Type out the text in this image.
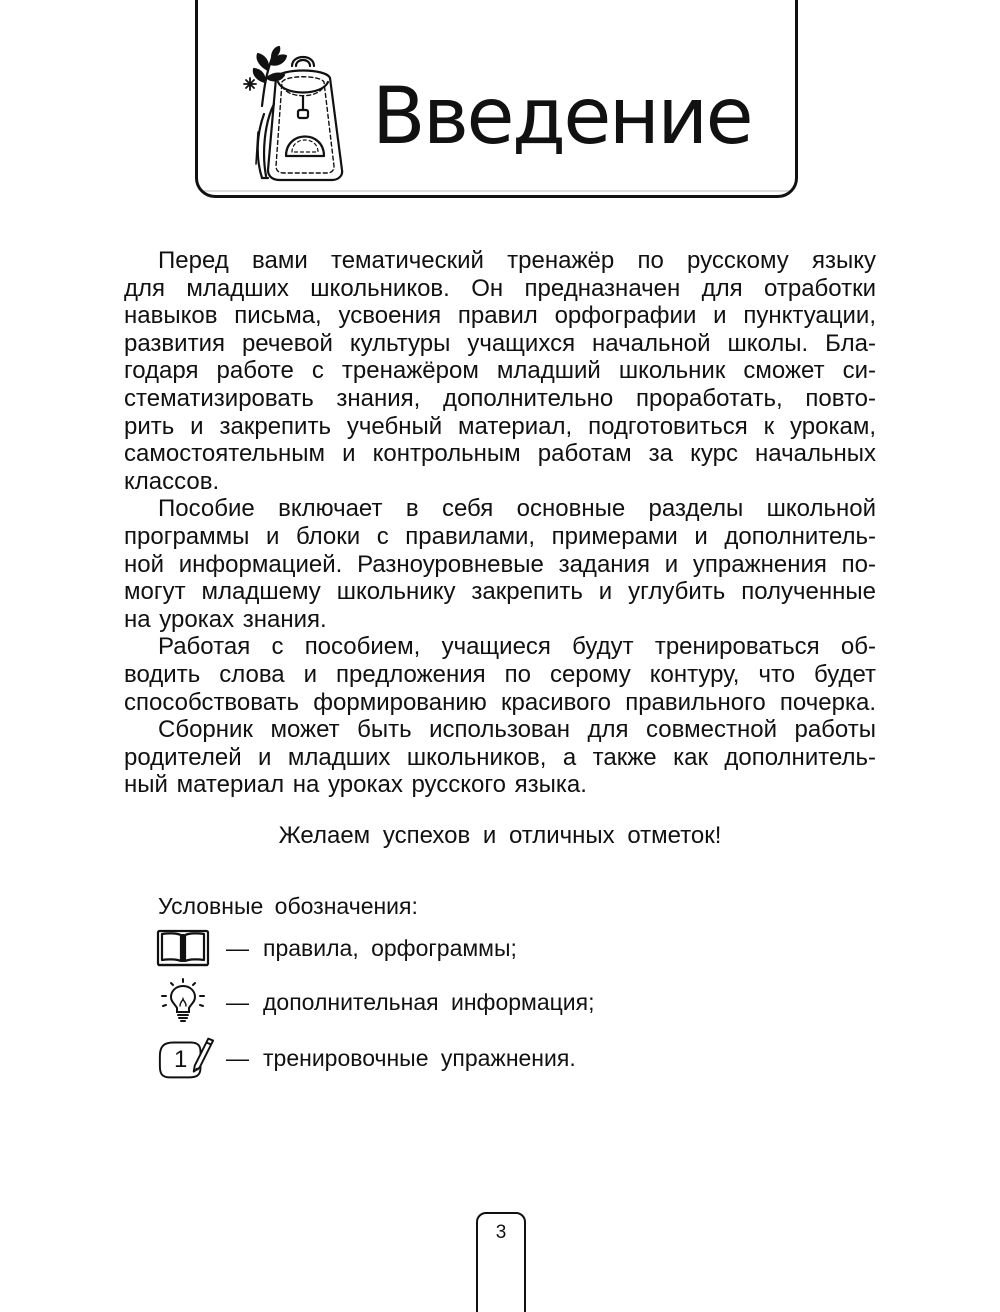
Введение
Перед вами тематический тренажёр по русскому языку
для младших школьников. Он предназначен для отработки
навыков письма, усвоения правил орфографии и пунктуации,
развития речевой культуры учащихся начальной школы. Бла-
годаря работе с тренажёром младший школьник сможет си-
стематизировать знания, дополнительно проработать, повто-
рить и закрепить учебный материал, подготовиться к урокам,
самостоятельным и контрольным работам за курс начальных
классов.
Пособие включает в себя основные разделы школьной
программы и блоки с правилами, примерами и дополнитель-
ной информацией. Разноуровневые задания и упражнения по-
могут младшему школьнику закрепить и углубить полученные
на уроках знания.
Работая с пособием, учащиеся будут тренироваться об-
водить слова и предложения по серому контуру, что будет
способствовать формированию красивого правильного почерка.
Сборник может быть использован для совместной работы
родителей и младших школьников, а также как дополнитель-
ный материал на уроках русского языка.
Желаем успехов и отличных отметок!
Условные обозначения:
— правила, орфограммы;
— дополнительная информация;
1 — тренировочные упражнения.
3
